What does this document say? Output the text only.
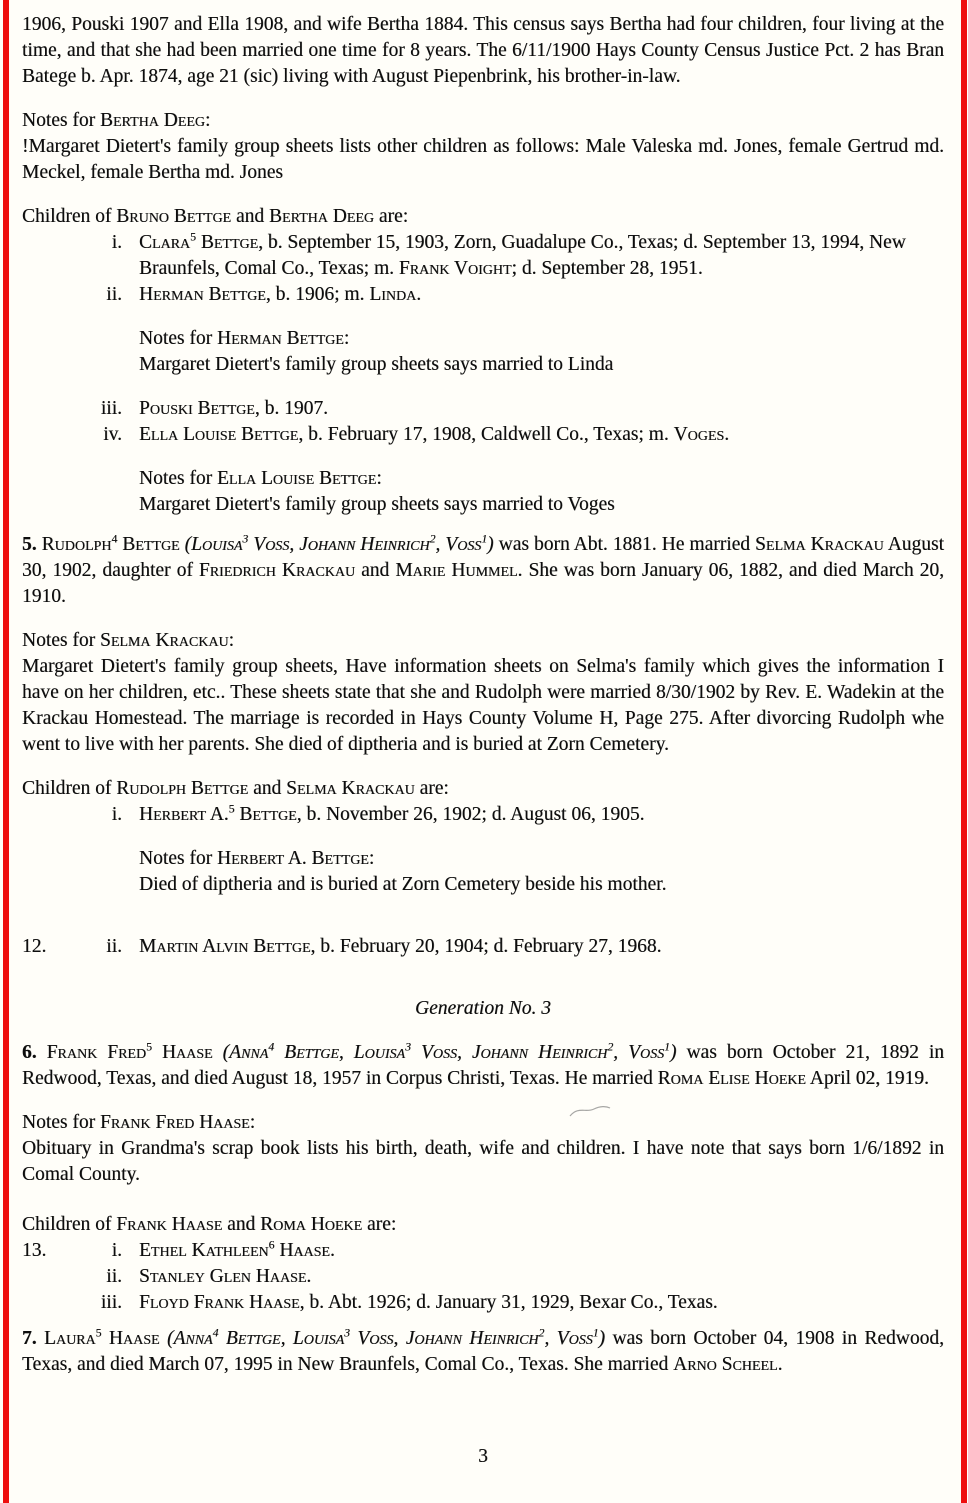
1906, Pouski 1907 and Ella 1908, and wife Bertha 1884. This census says Bertha had four children, four living at the time, and that she had been married one time for 8 years. The 6/11/1900 Hays County Census Justice Pct. 2 has Bran Batege b. Apr. 1874, age 21 (sic) living with August Piepenbrink, his brother-in-law.

Notes for Bertha Deeg:

!Margaret Dietert's family group sheets lists other children as follows: Male Valeska md. Jones, female Gertrud md. Meckel, female Bertha md. Jones

Children of Bruno Bettge and Bertha Deeg are:

i. Clara$^5$ Bettge, b. September 15, 1903, Zorn, Guadalupe Co., Texas; d. September 13, 1994, New Braunfels, Comal Co., Texas; m. Frank Voight; d. September 28, 1951.
ii. Herman Bettge, b. 1906; m. Linda.

Notes for Herman Bettge:

Margaret Dietert's family group sheets says married to Linda

iii. Pouski Bettge, b. 1907.
iv. Ella Louise Bettge, b. February 17, 1908, Caldwell Co., Texas; m. Voges.

Notes for Ella Louise Bettge:

Margaret Dietert's family group sheets says married to Voges

5. Rudolph$^4$ Bettge (Louisa$^3$ Voss, Johann Heinrich$^2$, Voss$^1$) was born Abt. 1881. He married Selma Krackau August 30, 1902, daughter of Friedrich Krackau and Marie Hummel. She was born January 06, 1882, and died March 20, 1910.

Notes for Selma Krackau:

Margaret Dietert's family group sheets, Have information sheets on Selma's family which gives the information I have on her children, etc.. These sheets state that she and Rudolph were married 8/30/1902 by Rev. E. Wadekin at the Krackau Homestead. The marriage is recorded in Hays County Volume H, Page 275. After divorcing Rudolph whe went to live with her parents. She died of diptheria and is buried at Zorn Cemetery.

Children of Rudolph Bettge and Selma Krackau are:

i. Herbert A.$^5$ Bettge, b. November 26, 1902; d. August 06, 1905.

Notes for Herbert A. Bettge:

Died of diptheria and is buried at Zorn Cemetery beside his mother.

12.	ii. Martin Alvin Bettge, b. February 20, 1904; d. February 27, 1968.

Generation No. 3

6. Frank Fred$^5$ Haase (Anna$^4$ Bettge, Louisa$^3$ Voss, Johann Heinrich$^2$, Voss$^1$) was born October 21, 1892 in Redwood, Texas, and died August 18, 1957 in Corpus Christi, Texas. He married Roma Elise Hoeke April 02, 1919.

Notes for Frank Fred Haase:

Obituary in Grandma's scrap book lists his birth, death, wife and children. I have note that says born 1/6/1892 in Comal County.

Children of Frank Haase and Roma Hoeke are:

13.	i. Ethel Kathleen$^6$ Haase.
ii. Stanley Glen Haase.
iii. Floyd Frank Haase, b. Abt. 1926; d. January 31, 1929, Bexar Co., Texas.

7. Laura$^5$ Haase (Anna$^4$ Bettge, Louisa$^3$ Voss, Johann Heinrich$^2$, Voss$^1$) was born October 04, 1908 in Redwood, Texas, and died March 07, 1995 in New Braunfels, Comal Co., Texas. She married Arno Scheel.

3
